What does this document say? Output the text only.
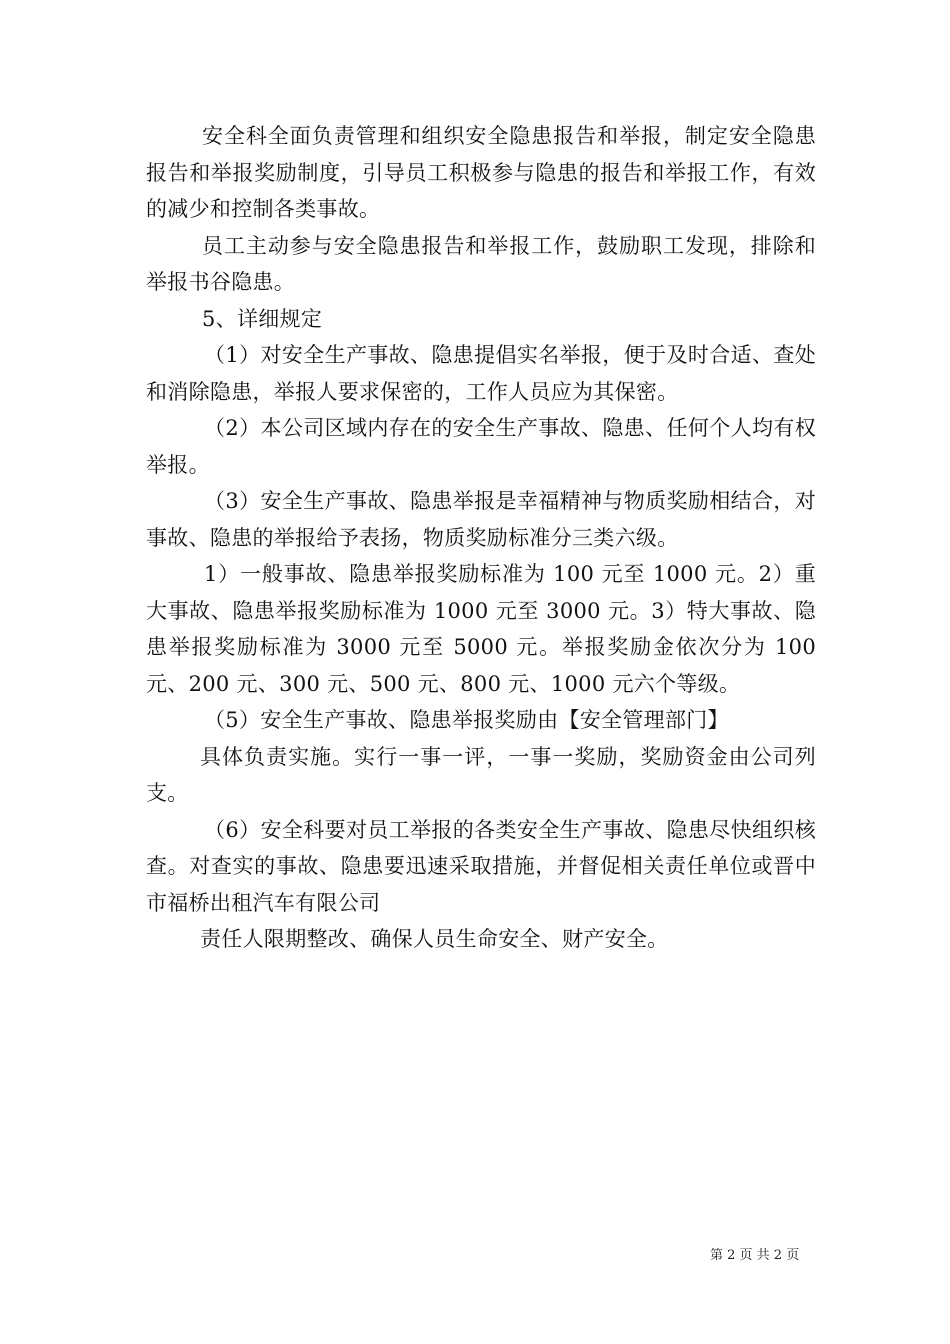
安全科全面负责管理和组织安全隐患报告和举报，制定安全隐患报告和举报奖励制度，引导员工积极参与隐患的报告和举报工作，有效的减少和控制各类事故。

员工主动参与安全隐患报告和举报工作，鼓励职工发现，排除和举报书谷隐患。

5、详细规定

（1）对安全生产事故、隐患提倡实名举报，便于及时合适、查处和消除隐患，举报人要求保密的，工作人员应为其保密。

（2）本公司区域内存在的安全生产事故、隐患、任何个人均有权举报。

（3）安全生产事故、隐患举报是幸福精神与物质奖励相结合，对事故、隐患的举报给予表扬，物质奖励标准分三类六级。

1）一般事故、隐患举报奖励标准为 100 元至 1000 元。2）重大事故、隐患举报奖励标准为 1000 元至 3000 元。3）特大事故、隐患举报奖励标准为 3000 元至 5000 元。举报奖励金依次分为 100 元、200 元、300 元、500 元、800 元、1000 元六个等级。

（5）安全生产事故、隐患举报奖励由【安全管理部门】

具体负责实施。实行一事一评，一事一奖励，奖励资金由公司列支。

（6）安全科要对员工举报的各类安全生产事故、隐患尽快组织核查。对查实的事故、隐患要迅速采取措施，并督促相关责任单位或晋中市福桥出租汽车有限公司

责任人限期整改、确保人员生命安全、财产安全。

第 2 页 共 2 页
